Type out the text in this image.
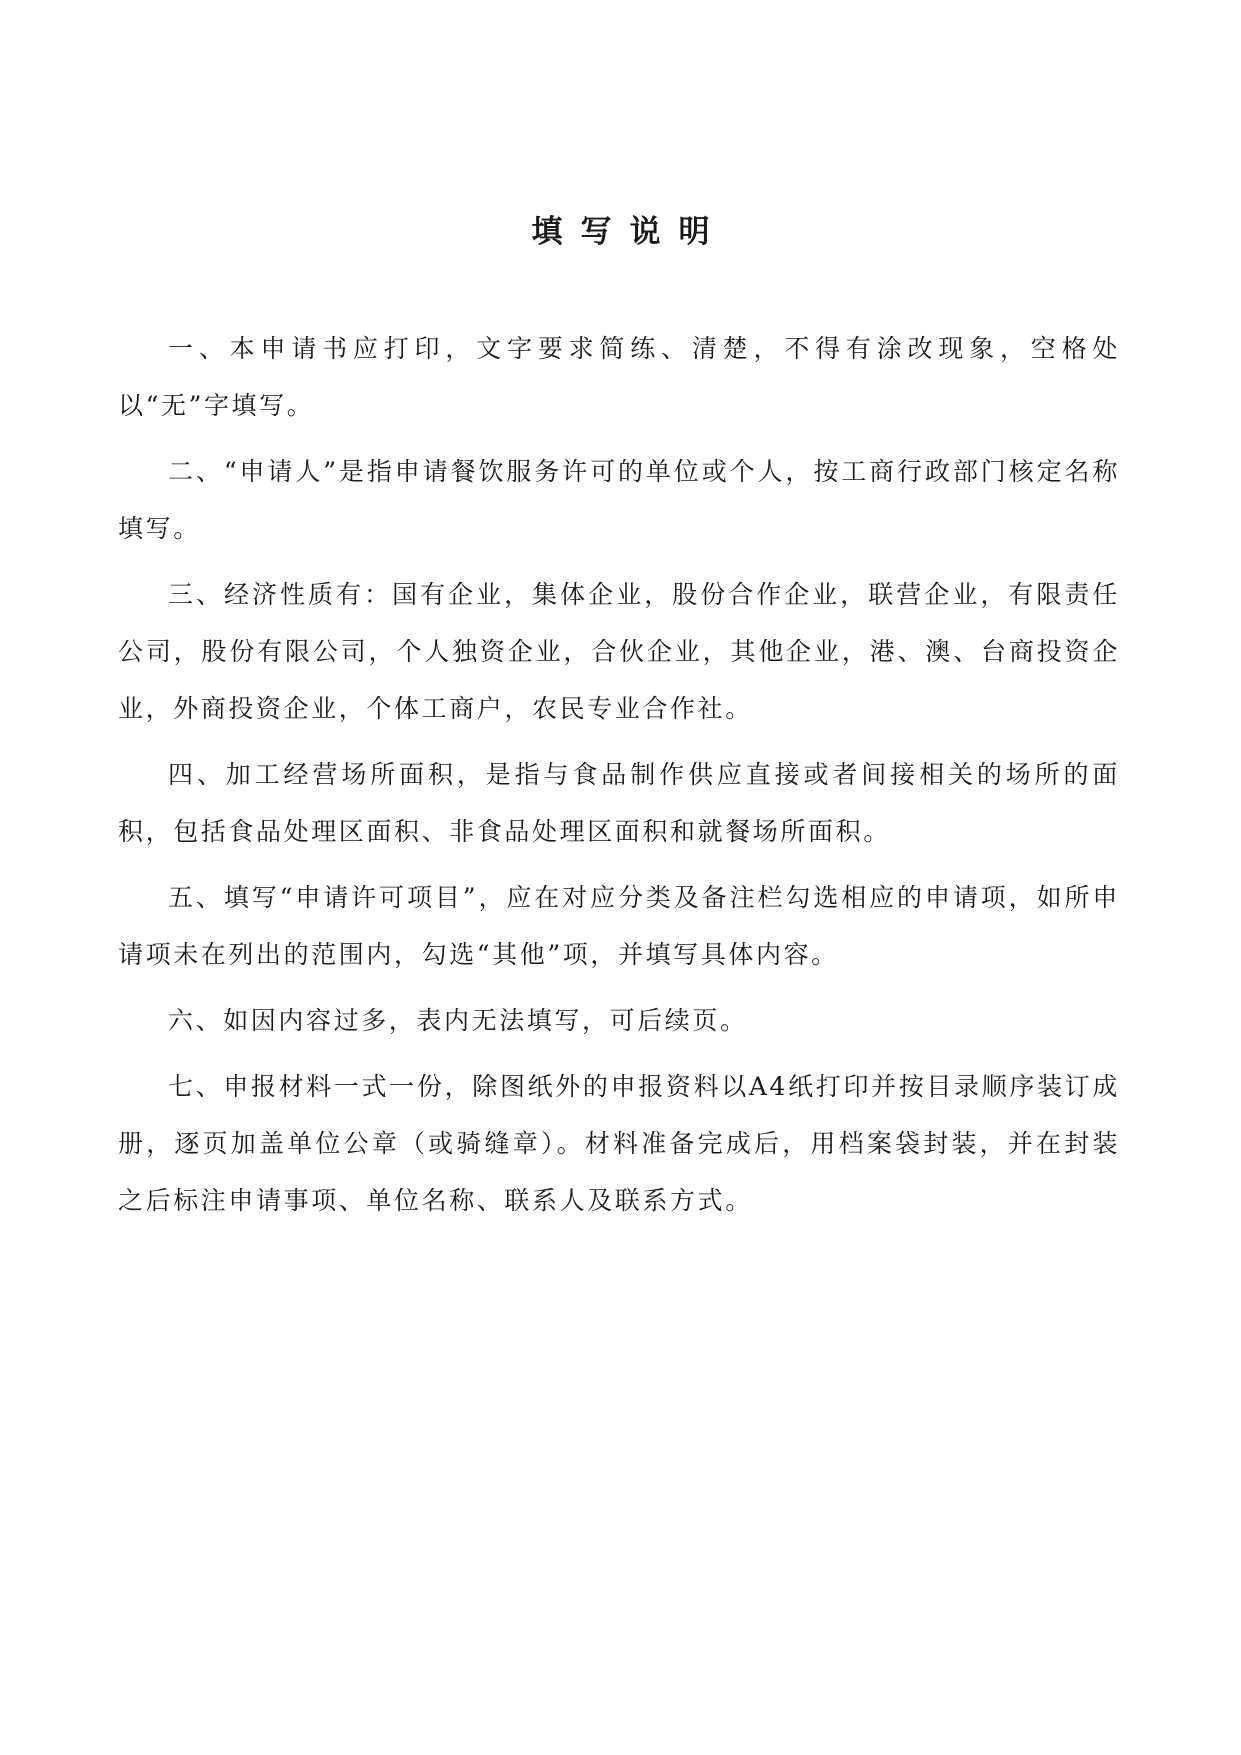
填写说明

一、本申请书应打印，文字要求简练、清楚，不得有涂改现象，空格处以“无”字填写。

二、“申请人”是指申请餐饮服务许可的单位或个人，按工商行政部门核定名称填写。

三、经济性质有：国有企业，集体企业，股份合作企业，联营企业，有限责任公司，股份有限公司，个人独资企业，合伙企业，其他企业，港、澳、台商投资企业，外商投资企业，个体工商户，农民专业合作社。

四、加工经营场所面积，是指与食品制作供应直接或者间接相关的场所的面积，包括食品处理区面积、非食品处理区面积和就餐场所面积。

五、填写“申请许可项目”，应在对应分类及备注栏勾选相应的申请项，如所申请项未在列出的范围内，勾选“其他”项，并填写具体内容。

六、如因内容过多，表内无法填写，可后续页。

七、申报材料一式一份，除图纸外的申报资料以A4纸打印并按目录顺序装订成册，逐页加盖单位公章（或骑缝章）。材料准备完成后，用档案袋封装，并在封装之后标注申请事项、单位名称、联系人及联系方式。
